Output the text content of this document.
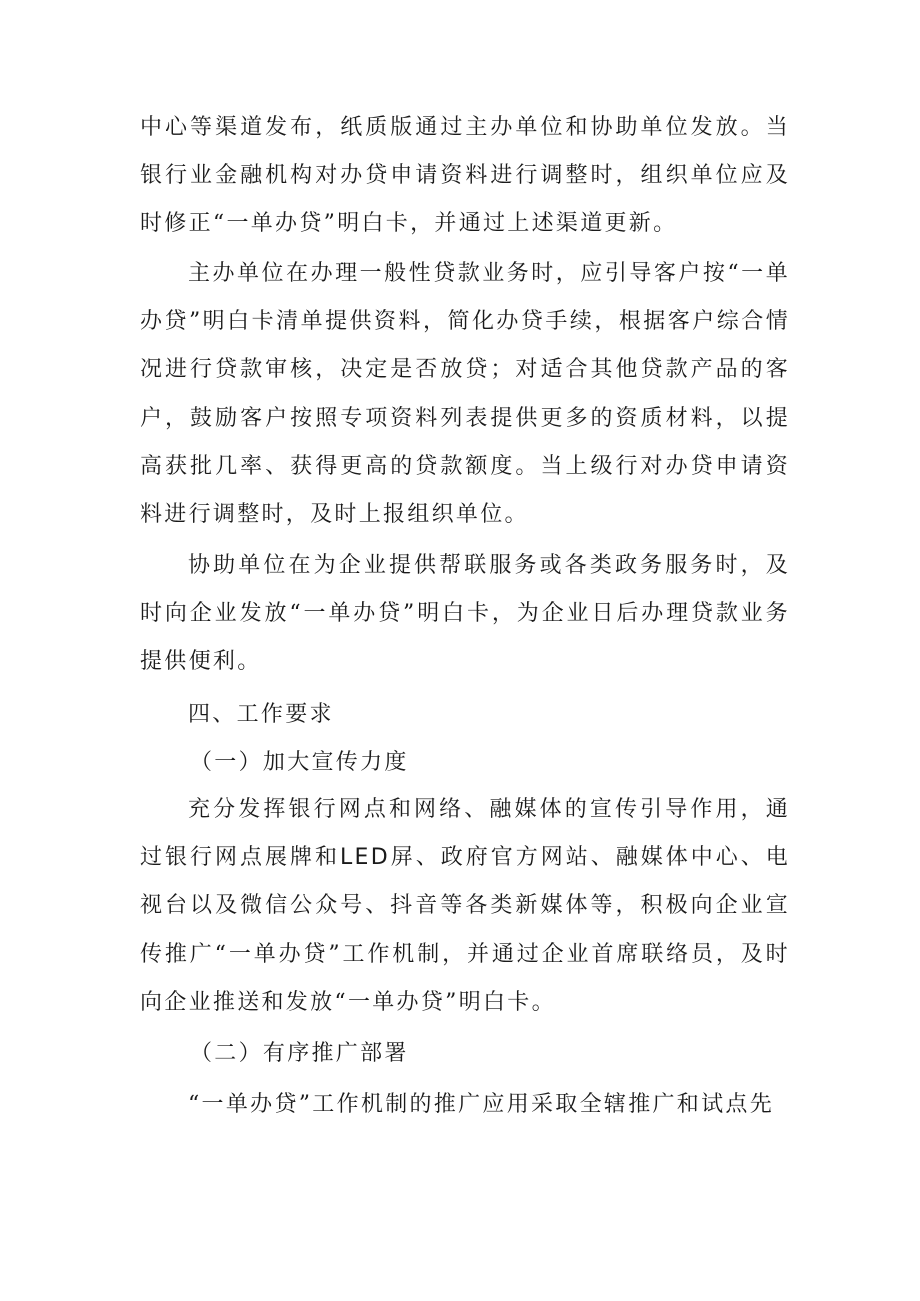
中心等渠道发布，纸质版通过主办单位和协助单位发放。当银行业金融机构对办贷申请资料进行调整时，组织单位应及时修正“一单办贷”明白卡，并通过上述渠道更新。

主办单位在办理一般性贷款业务时，应引导客户按“一单办贷”明白卡清单提供资料，简化办贷手续，根据客户综合情况进行贷款审核，决定是否放贷；对适合其他贷款产品的客户，鼓励客户按照专项资料列表提供更多的资质材料，以提高获批几率、获得更高的贷款额度。当上级行对办贷申请资料进行调整时，及时上报组织单位。

协助单位在为企业提供帮联服务或各类政务服务时，及时向企业发放“一单办贷”明白卡，为企业日后办理贷款业务提供便利。

四、工作要求
（一）加大宣传力度

充分发挥银行网点和网络、融媒体的宣传引导作用，通过银行网点展牌和LED屏、政府官方网站、融媒体中心、电视台以及微信公众号、抖音等各类新媒体等，积极向企业宣传推广“一单办贷”工作机制，并通过企业首席联络员，及时向企业推送和发放“一单办贷”明白卡。

（二）有序推广部署

“一单办贷”工作机制的推广应用采取全辖推广和试点先
